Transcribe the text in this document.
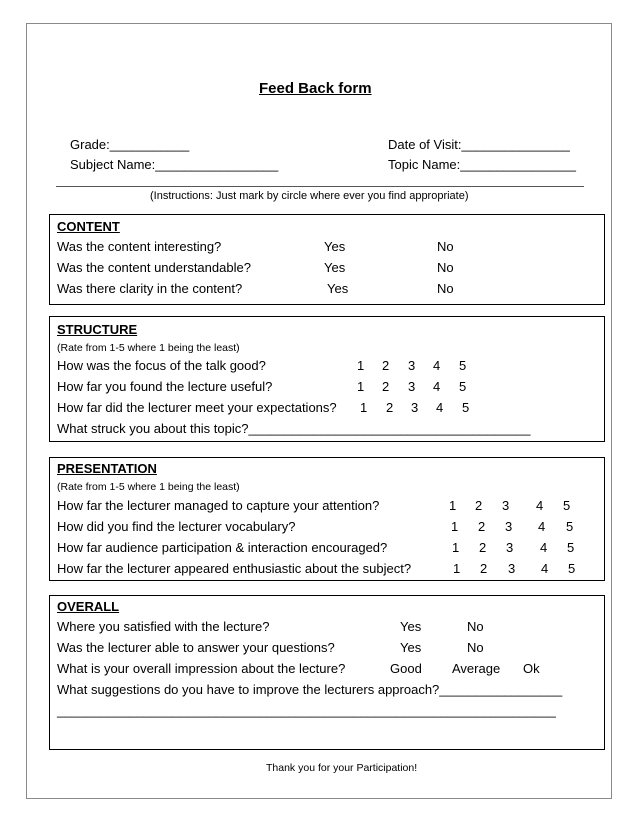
Feed Back form
Grade:___________	Date of Visit:_______________
Subject Name:_________________	Topic Name:________________
(Instructions: Just mark by circle where ever you find appropriate)
CONTENT
Was the content interesting?	Yes	No
Was the content understandable?	Yes	No
Was there clarity in the content?	Yes	No
STRUCTURE
(Rate from 1-5 where 1 being the least)
How was the focus of the talk good?	1 2 3 4 5
How far you found the lecture useful?	1 2 3 4 5
How far did the lecturer meet your expectations? 1 2 3 4 5
What struck you about this topic?_______________________________________
PRESENTATION
(Rate from 1-5 where 1 being the least)
How far the lecturer managed to capture your attention?	1 2 3 4 5
How did you find the lecturer vocabulary?	1 2 3 4 5
How far audience participation & interaction encouraged?	1 2 3 4 5
How far the lecturer appeared enthusiastic about the subject?	1 2 3 4 5
OVERALL
Where you satisfied with the lecture?	Yes	No
Was the lecturer able to answer your questions?	Yes	No
What is your overall impression about the lecture?	Good Average Ok
What suggestions do you have to improve the lecturers approach?_________________
_____________________________________________________________________
Thank you for your Participation!
